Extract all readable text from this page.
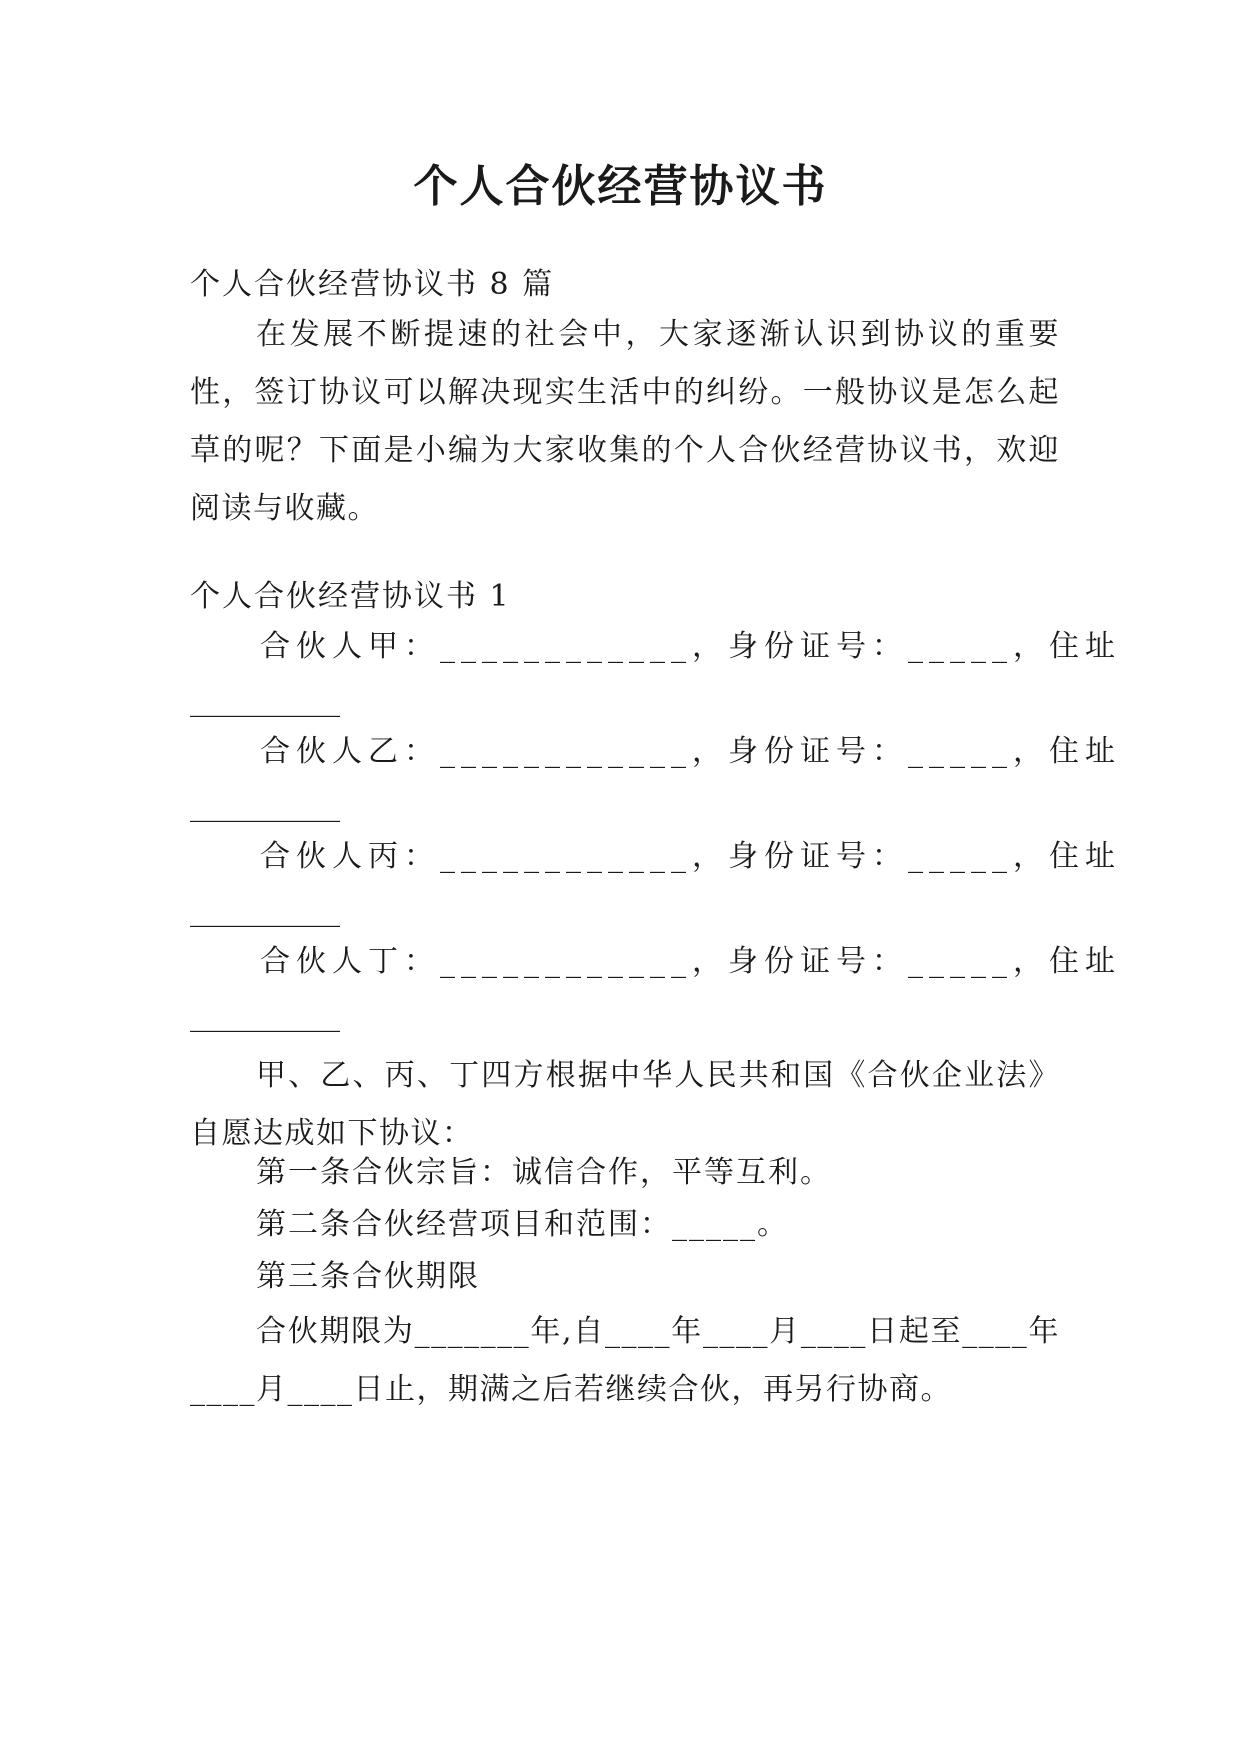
个人合伙经营协议书
个人合伙经营协议书 8 篇
在发展不断提速的社会中，大家逐渐认识到协议的重要性，签订协议可以解决现实生活中的纠纷。一般协议是怎么起草的呢？下面是小编为大家收集的个人合伙经营协议书，欢迎阅读与收藏。
个人合伙经营协议书 1
合伙人甲：____________， 身份证号：_____， 住址
__________
合伙人乙：____________， 身份证号：_____， 住址
__________
合伙人丙：____________， 身份证号：_____， 住址
__________
合伙人丁：____________， 身份证号：_____， 住址
__________
甲、乙、丙、丁四方根据中华人民共和国《合伙企业法》自愿达成如下协议：
第一条合伙宗旨：诚信合作，平等互利。
第二条合伙经营项目和范围：_____。
第三条合伙期限
合伙期限为_______年,自____年____月____日起至____年____月____日止，期满之后若继续合伙，再另行协商。
